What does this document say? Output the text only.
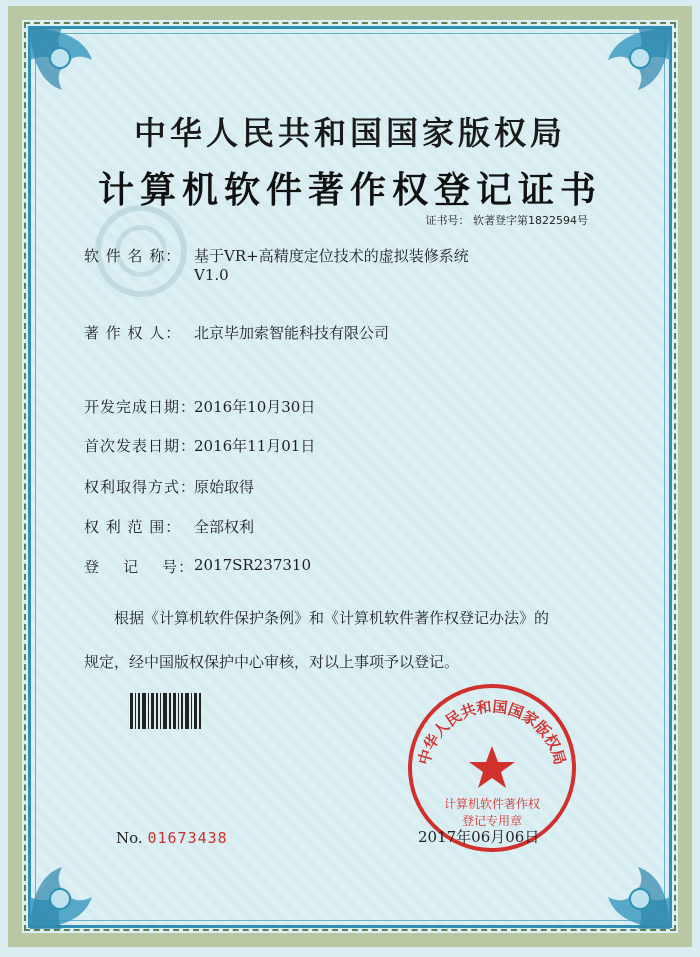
中华人民共和国国家版权局
计算机软件著作权登记证书
证书号： 软著登字第1822594号
软 件 名 称： 基于VR+高精度定位技术的虚拟装修系统
V1.0
著 作 权 人： 北京毕加索智能科技有限公司
开发完成日期：
2016年10月30日
首次发表日期：
2016年11月01日
权利取得方式：
原始取得
权 利 范 围： 全部权利
登    记    号： 2017SR237310
根据《计算机软件保护条例》和《计算机软件著作权登记办法》的
规定，经中国版权保护中心审核，对以上事项予以登记。
No. 01673438
中华人民共和国国家版权局
计算机软件著作权
登记专用章
2017年06月06日
